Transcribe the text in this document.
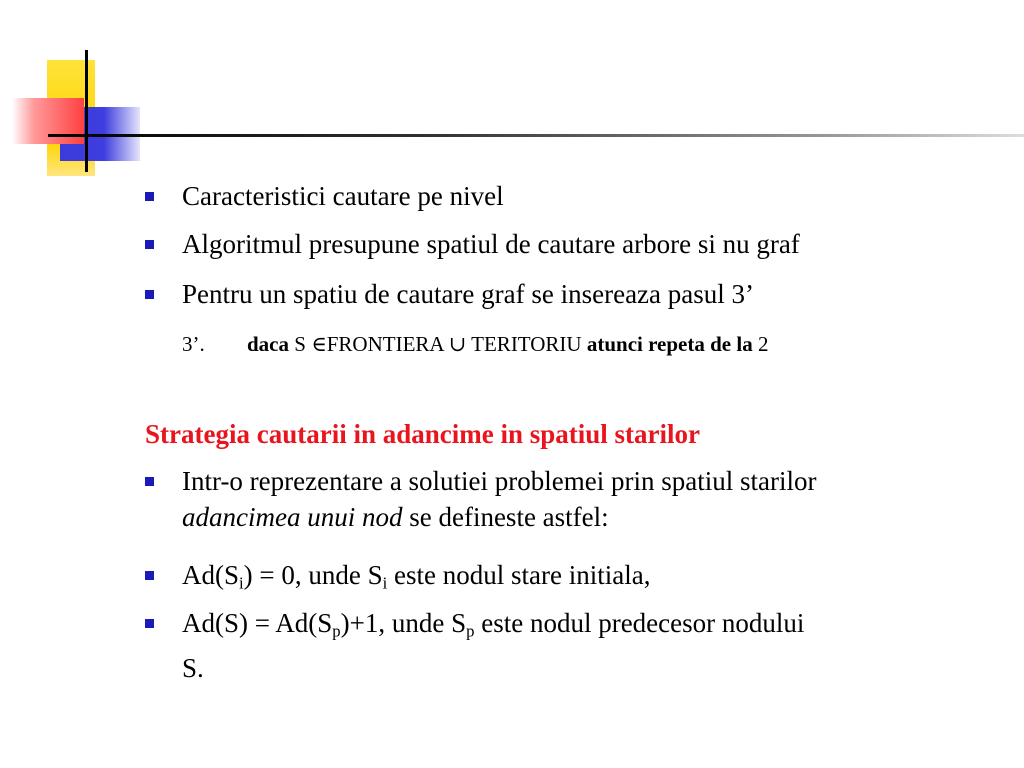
Caracteristici cautare pe nivel
Algoritmul presupune spatiul de cautare arbore si nu graf
Pentru un spatiu de cautare graf se insereaza pasul 3’
3’. daca S ∈FRONTIERA ∪ TERITORIU atunci repeta de la 2
Strategia cautarii in adancime in spatiul starilor
Intr-o reprezentare a solutiei problemei prin spatiul starilor
adancimea unui nod se defineste astfel:
$Ad(S_i) = 0$, unde $S_i$ este nodul stare initiala,
$Ad(S) = Ad(S_p)+1$, unde $S_p$ este nodul predecesor nodului
S.
